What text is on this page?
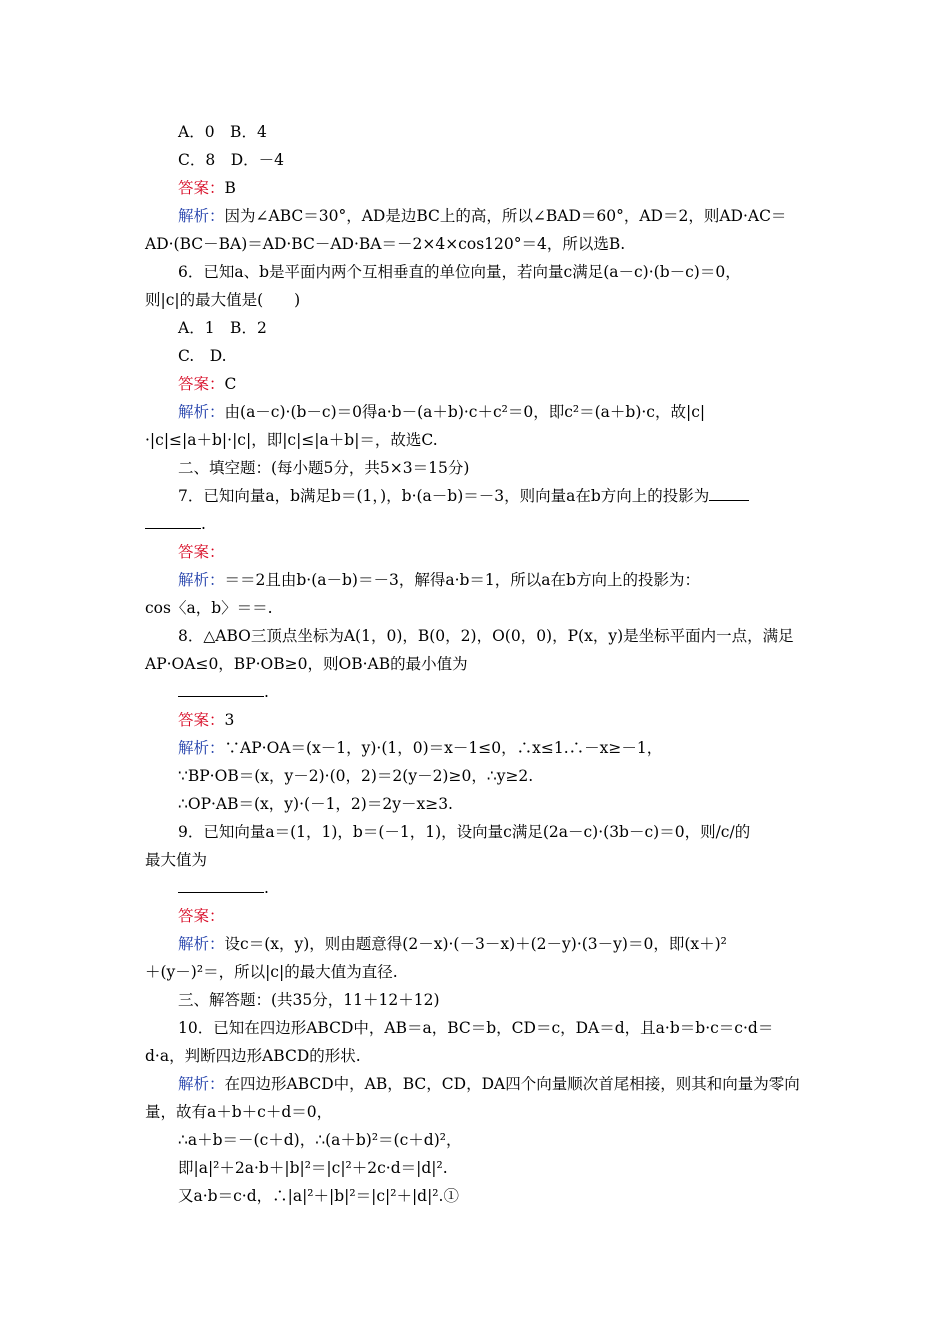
A．0　B．4
C．8　D．－4
答案：B
解析：因为∠ABC＝30°，AD是边BC上的高，所以∠BAD＝60°，AD＝2，则AD·AC＝
AD·(BC－BA)＝AD·BC－AD·BA＝－2×4×cos120°＝4，所以选B.
6．已知a、b是平面内两个互相垂直的单位向量，若向量c满足(a－c)·(b－c)＝0，
则|c|的最大值是(　　)
A．1　B．2
C.　D.
答案：C
解析：由(a－c)·(b－c)＝0得a·b－(a＋b)·c＋c²＝0，即c²＝(a＋b)·c，故|c|
·|c|≤|a＋b|·|c|，即|c|≤|a＋b|＝，故选C.
二、填空题：(每小题5分，共5×3＝15分)
7．已知向量a，b满足b＝(1，)，b·(a－b)＝－3，则向量a在b方向上的投影为
.
答案：
解析：＝＝2且由b·(a－b)＝－3，解得a·b＝1，所以a在b方向上的投影为：
cos〈a，b〉＝＝.
8．△ABO三顶点坐标为A(1，0)，B(0，2)，O(0，0)，P(x，y)是坐标平面内一点，满足
AP·OA≤0，BP·OB≥0，则OB·AB的最小值为
.
答案：3
解析：∵AP·OA＝(x－1，y)·(1，0)＝x－1≤0，∴x≤1.∴－x≥－1，
∵BP·OB＝(x，y－2)·(0，2)＝2(y－2)≥0，∴y≥2.
∴OP·AB＝(x，y)·(－1，2)＝2y－x≥3.
9．已知向量a＝(1，1)，b＝(－1，1)，设向量c满足(2a－c)·(3b－c)＝0，则/c/的
最大值为
.
答案：
解析：设c＝(x，y)，则由题意得(2－x)·(－3－x)＋(2－y)·(3－y)＝0，即(x＋)²
＋(y－)²＝，所以|c|的最大值为直径.
三、解答题：(共35分，11＋12＋12)
10．已知在四边形ABCD中，AB＝a，BC＝b，CD＝c，DA＝d，且a·b＝b·c＝c·d＝
d·a，判断四边形ABCD的形状.
解析：在四边形ABCD中，AB，BC，CD，DA四个向量顺次首尾相接，则其和向量为零向
量，故有a＋b＋c＋d＝0，
∴a＋b＝－(c＋d)，∴(a＋b)²＝(c＋d)²，
即|a|²＋2a·b＋|b|²＝|c|²＋2c·d＝|d|².
又a·b＝c·d，∴|a|²＋|b|²＝|c|²＋|d|².①
